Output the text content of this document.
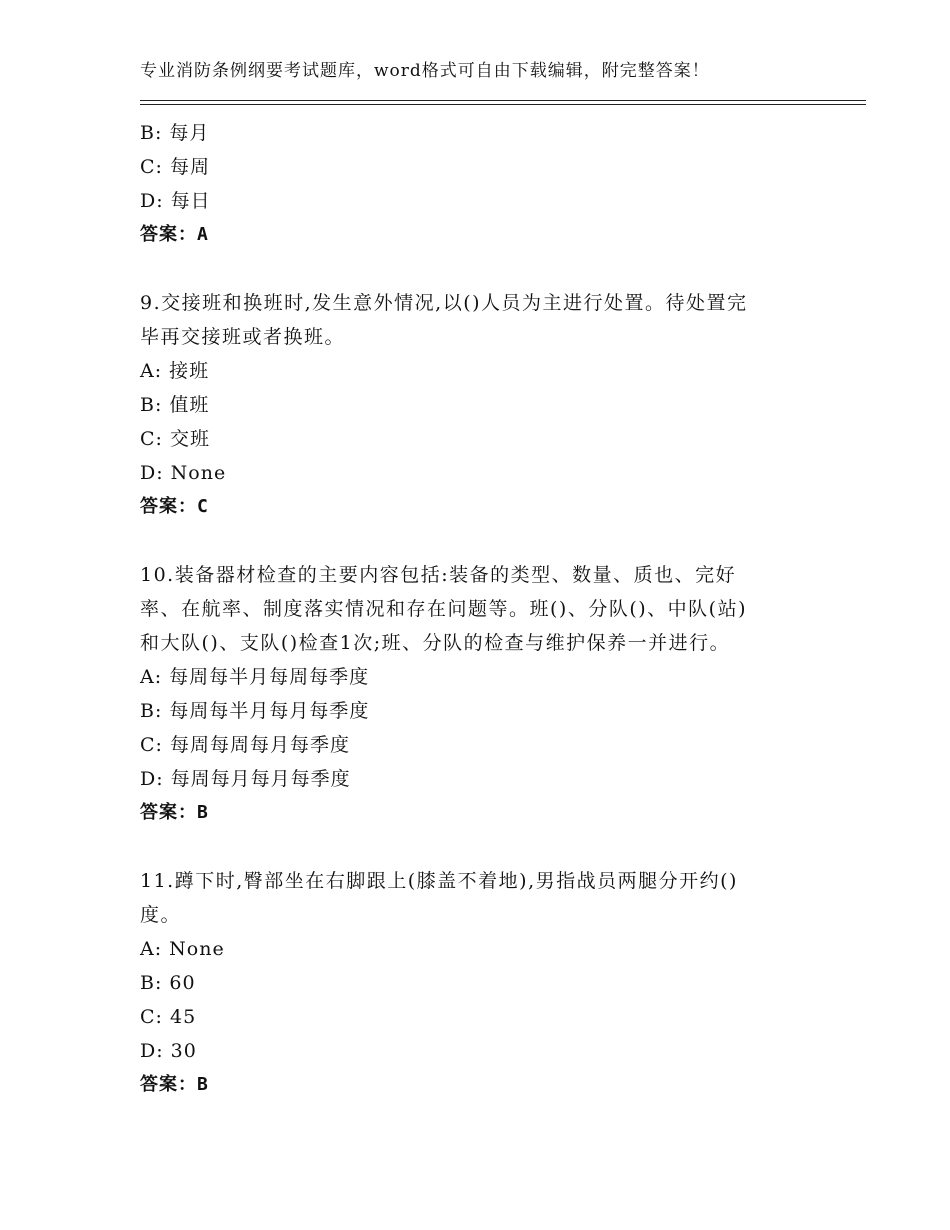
专业消防条例纲要考试题库，word格式可自由下载编辑，附完整答案！
B: 每月
C: 每周
D: 每日
答案：A
9.交接班和换班时,发生意外情况,以()人员为主进行处置。待处置完
毕再交接班或者换班。
A: 接班
B: 值班
C: 交班
D: None
答案：C
10.装备器材检查的主要内容包括:装备的类型、数量、质也、完好
率、在航率、制度落实情况和存在问题等。班()、分队()、中队(站)
和大队()、支队()检查1次;班、分队的检查与维护保养一并进行。
A: 每周每半月每周每季度
B: 每周每半月每月每季度
C: 每周每周每月每季度
D: 每周每月每月每季度
答案：B
11.蹲下时,臀部坐在右脚跟上(膝盖不着地),男指战员两腿分开约()
度。
A: None
B: 60
C: 45
D: 30
答案：B
